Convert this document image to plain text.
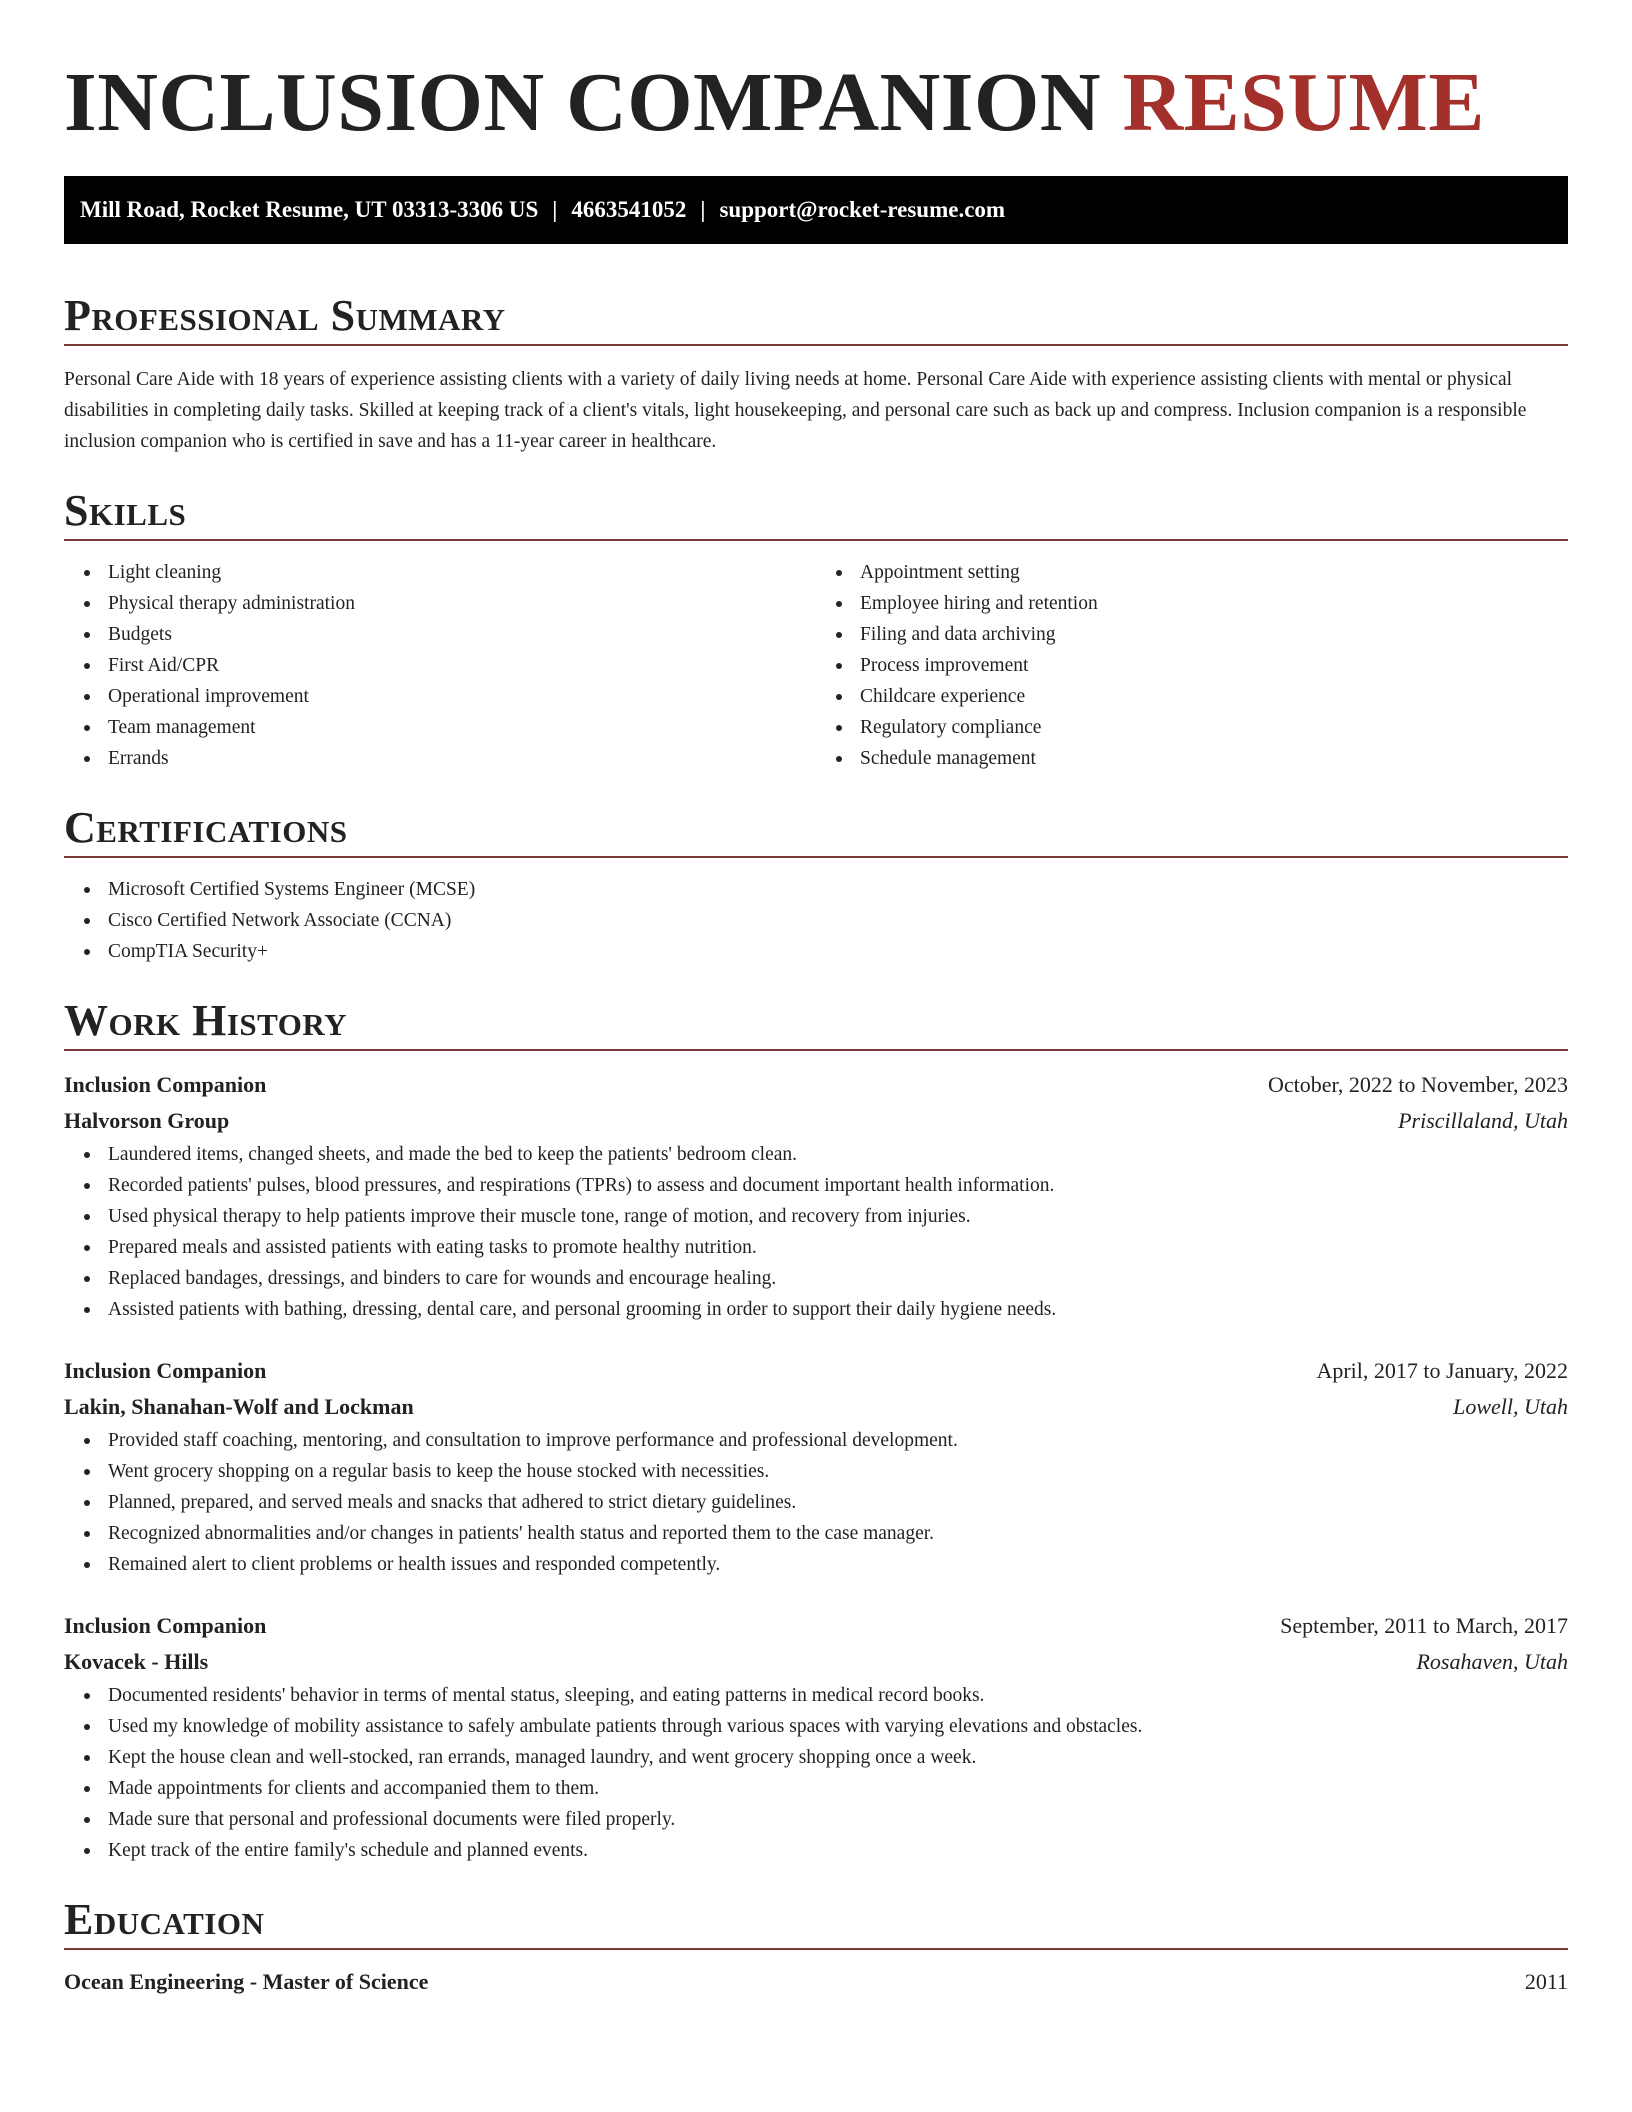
INCLUSION COMPANION RESUME
Mill Road, Rocket Resume, UT 03313-3306 US | 4663541052 | support@rocket-resume.com
Professional Summary

Personal Care Aide with 18 years of experience assisting clients with a variety of daily living needs at home. Personal Care Aide with experience assisting clients with mental or physical disabilities in completing daily tasks. Skilled at keeping track of a client's vitals, light housekeeping, and personal care such as back up and compress. Inclusion companion is a responsible inclusion companion who is certified in save and has a 11-year career in healthcare.

Skills
Light cleaning
Physical therapy administration
Budgets
First Aid/CPR
Operational improvement
Team management
Errands
Appointment setting
Employee hiring and retention
Filing and data archiving
Process improvement
Childcare experience
Regulatory compliance
Schedule management
Certifications
Microsoft Certified Systems Engineer (MCSE)
Cisco Certified Network Associate (CCNA)
CompTIA Security+
Work History
Inclusion Companion	October, 2022 to November, 2023
Halvorson Group	Priscillaland, Utah
Laundered items, changed sheets, and made the bed to keep the patients' bedroom clean.
Recorded patients' pulses, blood pressures, and respirations (TPRs) to assess and document important health information.
Used physical therapy to help patients improve their muscle tone, range of motion, and recovery from injuries.
Prepared meals and assisted patients with eating tasks to promote healthy nutrition.
Replaced bandages, dressings, and binders to care for wounds and encourage healing.
Assisted patients with bathing, dressing, dental care, and personal grooming in order to support their daily hygiene needs.
Inclusion Companion	April, 2017 to January, 2022
Lakin, Shanahan-Wolf and Lockman	Lowell, Utah
Provided staff coaching, mentoring, and consultation to improve performance and professional development.
Went grocery shopping on a regular basis to keep the house stocked with necessities.
Planned, prepared, and served meals and snacks that adhered to strict dietary guidelines.
Recognized abnormalities and/or changes in patients' health status and reported them to the case manager.
Remained alert to client problems or health issues and responded competently.
Inclusion Companion	September, 2011 to March, 2017
Kovacek - Hills	Rosahaven, Utah
Documented residents' behavior in terms of mental status, sleeping, and eating patterns in medical record books.
Used my knowledge of mobility assistance to safely ambulate patients through various spaces with varying elevations and obstacles.
Kept the house clean and well-stocked, ran errands, managed laundry, and went grocery shopping once a week.
Made appointments for clients and accompanied them to them.
Made sure that personal and professional documents were filed properly.
Kept track of the entire family's schedule and planned events.
Education
Ocean Engineering - Master of Science	2011
